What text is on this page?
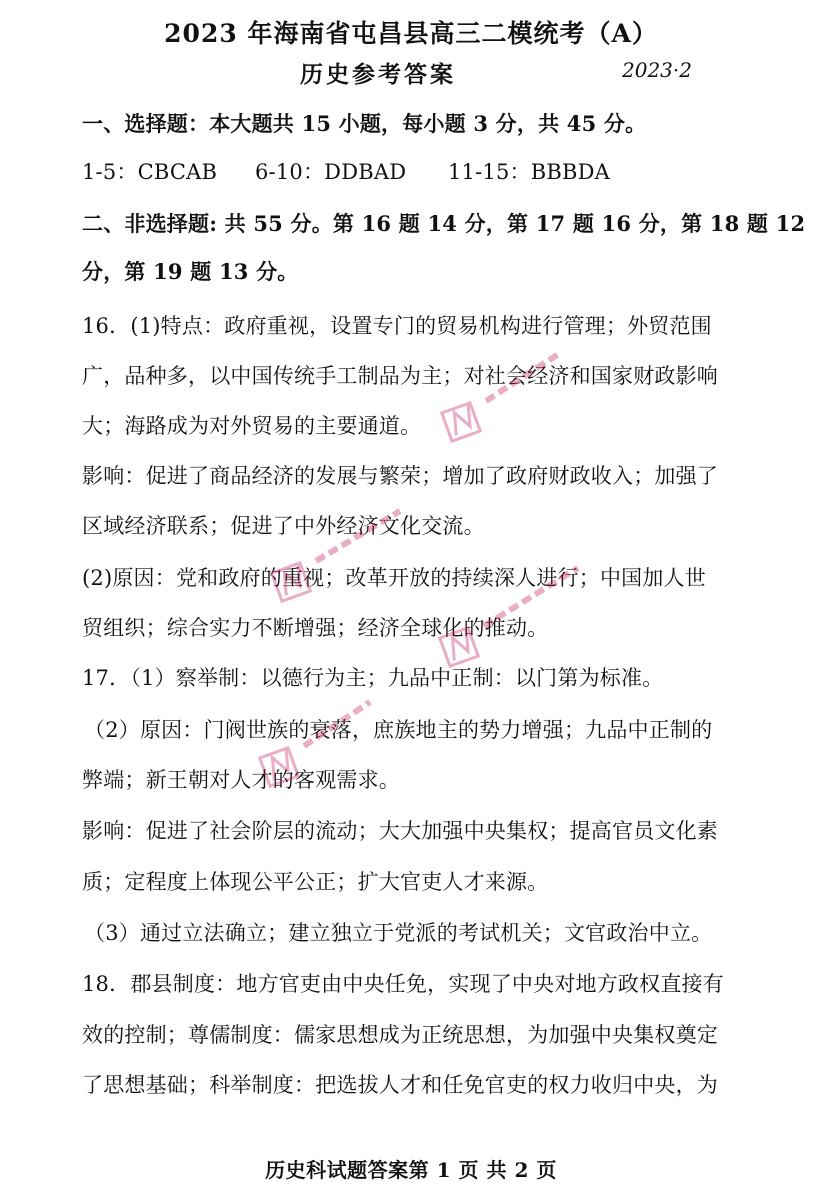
2023 年海南省屯昌县高三二模统考（A）
历史参考答案	2023·2
一、选择题：本大题共 15 小题，每小题 3 分，共 45 分。
1-5：CBCAB 6-10：DDBAD 11-15：BBBDA
二、非选择题: 共 55 分。第 16 题 14 分，第 17 题 16 分，第 18 题 12
分，第 19 题 13 分。
16．(1)特点：政府重视，设置专门的贸易机构进行管理；外贸范围
广，品种多，以中国传统手工制品为主；对社会经济和国家财政影响
大；海路成为对外贸易的主要通道。
影响：促进了商品经济的发展与繁荣；增加了政府财政收入；加强了
区域经济联系；促进了中外经济文化交流。
(2)原因：党和政府的重视；改革开放的持续深人进行；中国加人世
贸组织；综合实力不断增强；经济全球化的推动。
17．（1）察举制：以德行为主；九品中正制：以门第为标准。
（2）原因：门阀世族的衰落，庶族地主的势力增强；九品中正制的
弊端；新王朝对人才的客观需求。
影响：促进了社会阶层的流动；大大加强中央集权；提高官员文化素
质；定程度上体现公平公正；扩大官吏人才来源。
（3）通过立法确立；建立独立于党派的考试机关；文官政治中立。
18．郡县制度：地方官吏由中央任免，实现了中央对地方政权直接有
效的控制；尊儒制度：儒家思想成为正统思想，为加强中央集权奠定
了思想基础；科举制度：把选拔人才和任免官吏的权力收归中央，为
历史科试题答案第 1 页 共 2 页
